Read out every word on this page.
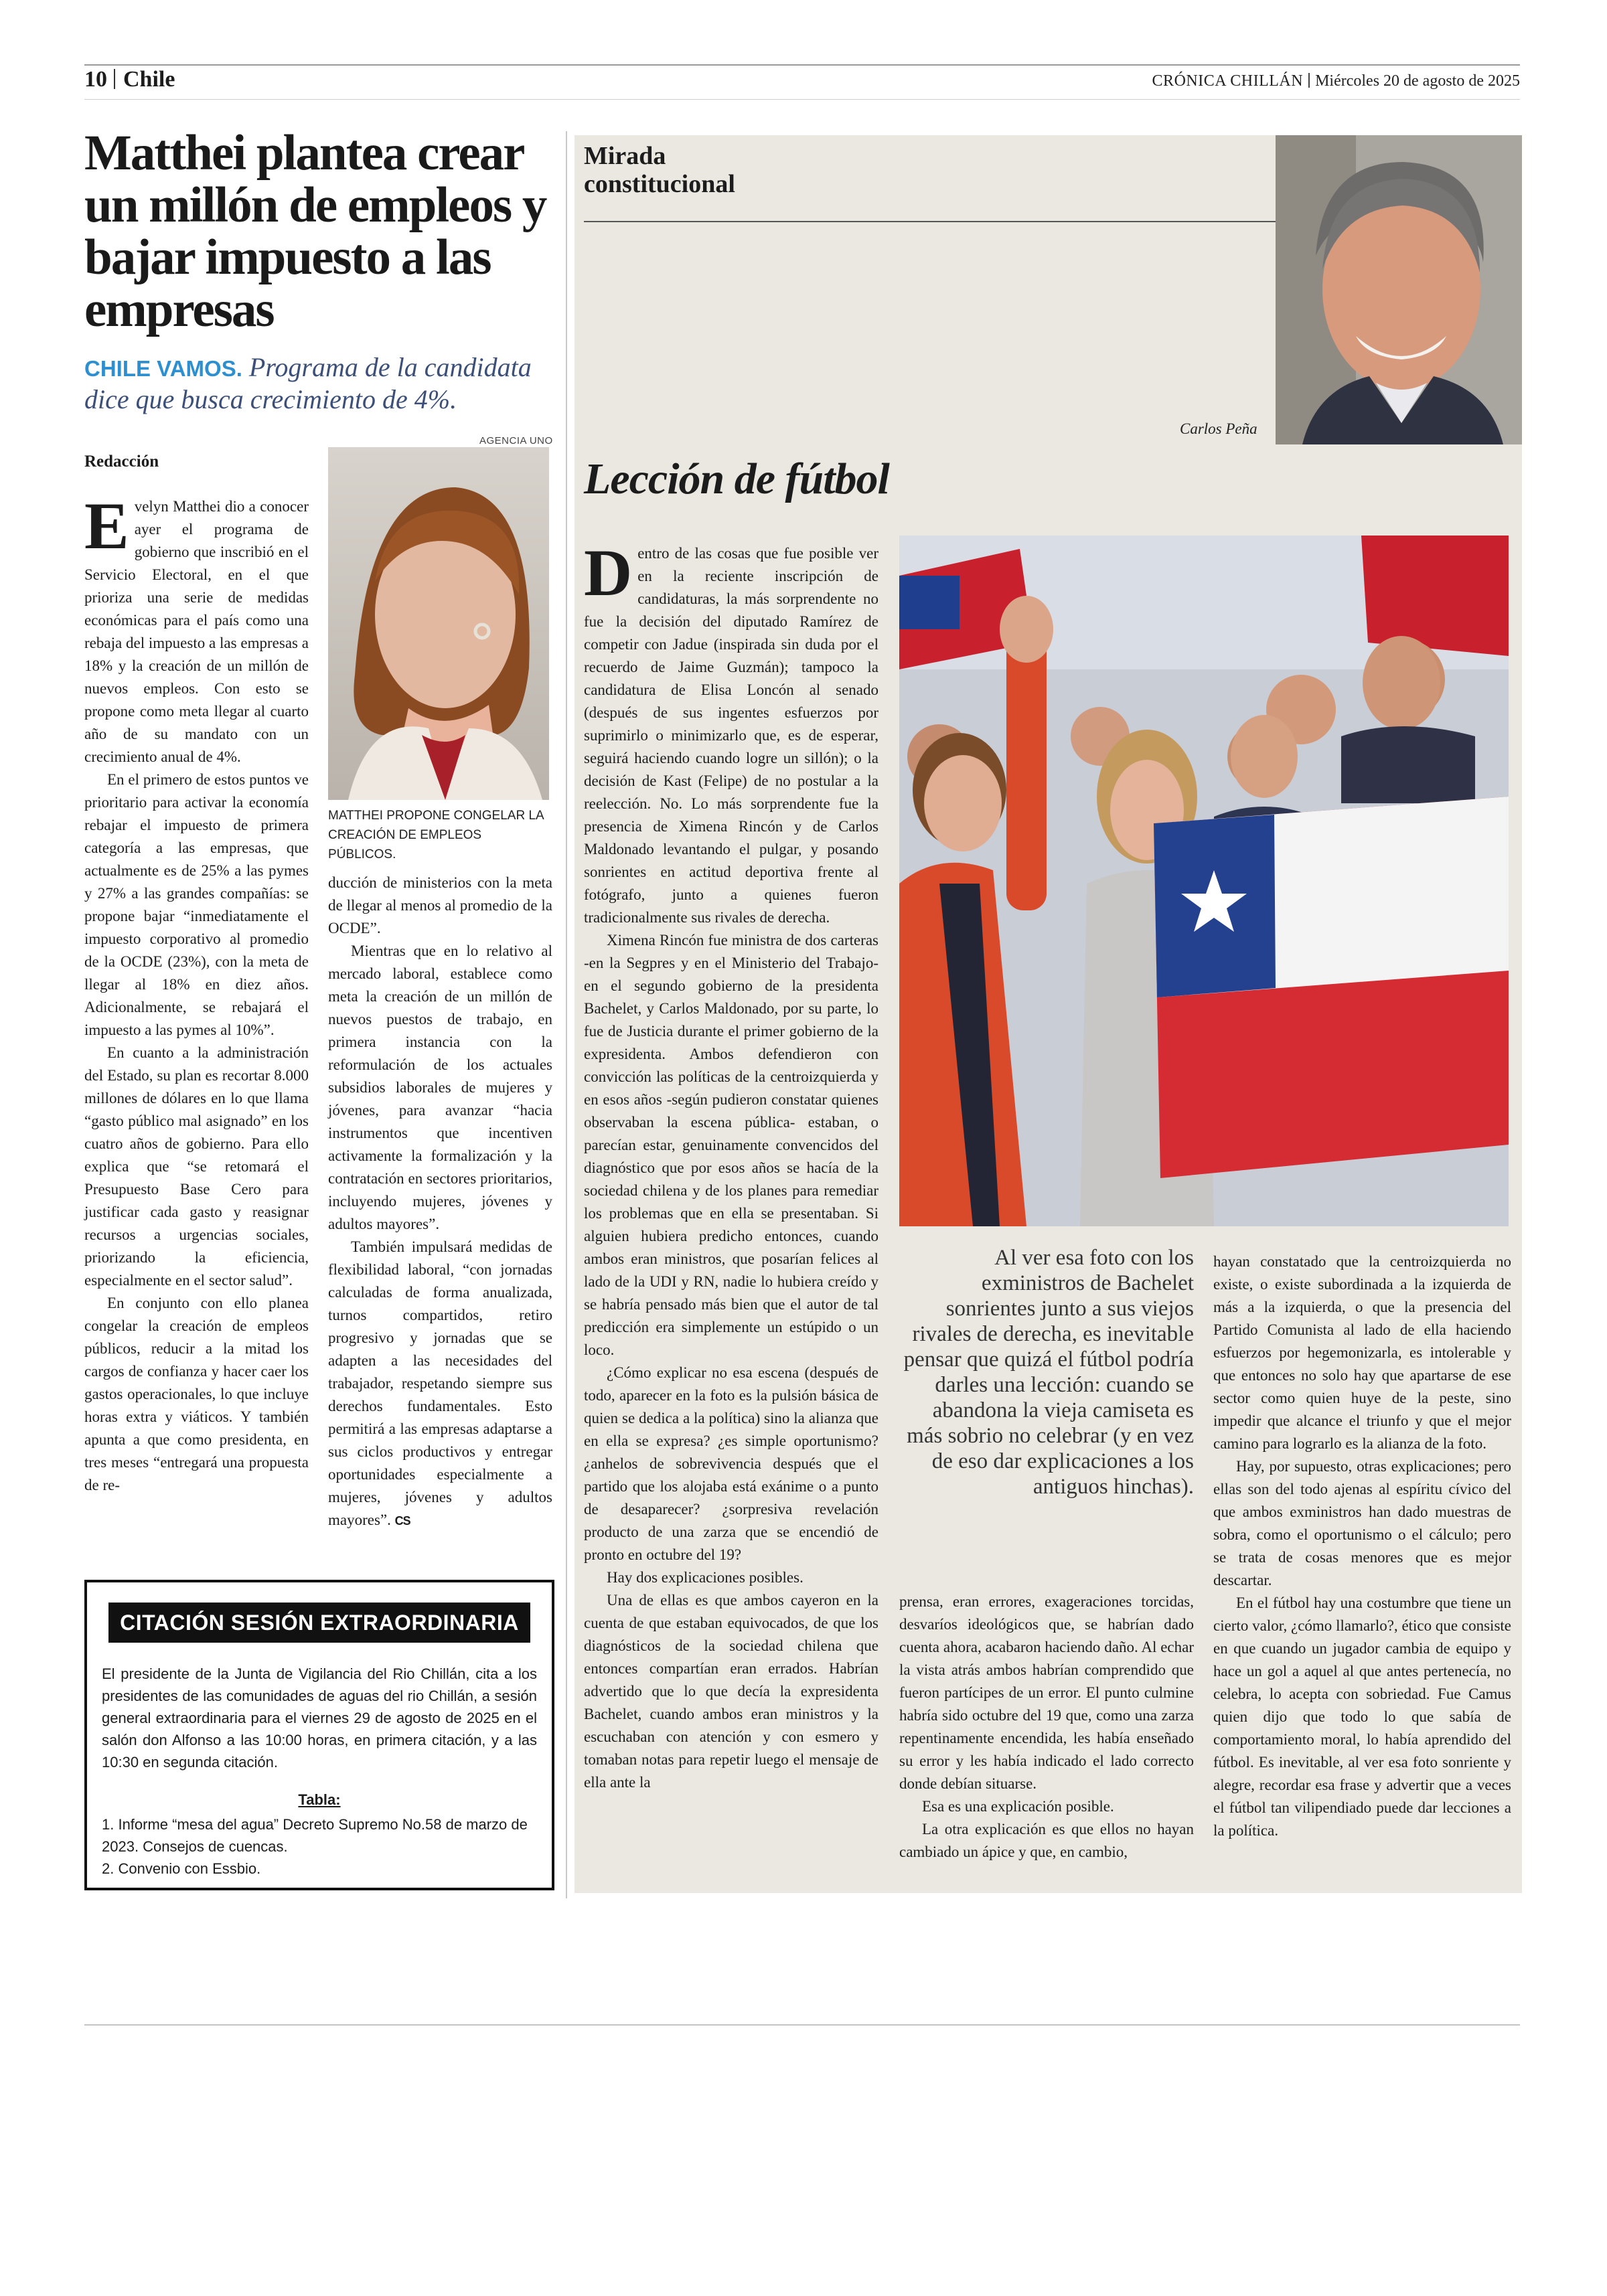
10 Chile	CRÓNICA CHILLÁN Miércoles 20 de agosto de 2025
Matthei plantea crear un millón de empleos y bajar impuesto a las empresas
CHILE VAMOS. Programa de la candidata dice que busca crecimiento de 4%.
Redacción
AGENCIA UNO
MATTHEI PROPONE CONGELAR LA CREACIÓN DE EMPLEOS PÚBLICOS.

Evelyn Matthei dio a conocer ayer el programa de gobierno que inscribió en el Servicio Electoral, en el que prioriza una serie de medidas económicas para el país como una rebaja del impuesto a las empresas a 18% y la creación de un millón de nuevos empleos. Con esto se propone como meta llegar al cuarto año de su mandato con un crecimiento anual de 4%.

En el primero de estos puntos ve prioritario para activar la economía rebajar el impuesto de primera categoría a las empresas, que actualmente es de 25% a las pymes y 27% a las grandes compañías: se propone bajar “inmediatamente el impuesto corporativo al promedio de la OCDE (23%), con la meta de llegar al 18% en diez años. Adicionalmente, se rebajará el impuesto a las pymes al 10%”.

En cuanto a la administración del Estado, su plan es recortar 8.000 millones de dólares en lo que llama “gasto público mal asignado” en los cuatro años de gobierno. Para ello explica que “se retomará el Presupuesto Base Cero para justificar cada gasto y reasignar recursos a urgencias sociales, priorizando la eficiencia, especialmente en el sector salud”.

En conjunto con ello planea congelar la creación de empleos públicos, reducir a la mitad los cargos de confianza y hacer caer los gastos operacionales, lo que incluye horas extra y viáticos. Y también apunta a que como presidenta, en tres meses “entregará una propuesta de re-

ducción de ministerios con la meta de llegar al menos al promedio de la OCDE”.

Mientras que en lo relativo al mercado laboral, establece como meta la creación de un millón de nuevos puestos de trabajo, en primera instancia con la reformulación de los actuales subsidios laborales de mujeres y jóvenes, para avanzar “hacia instrumentos que incentiven activamente la formalización y la contratación en sectores prioritarios, incluyendo mujeres, jóvenes y adultos mayores”.

También impulsará medidas de flexibilidad laboral, “con jornadas calculadas de forma anualizada, turnos compartidos, retiro progresivo y jornadas que se adapten a las necesidades del trabajador, respetando siempre sus derechos fundamentales. Esto permitirá a las empresas adaptarse a sus ciclos productivos y entregar oportunidades especialmente a mujeres, jóvenes y adultos mayores”. CS

CITACIÓN SESIÓN EXTRAORDINARIA
El presidente de la Junta de Vigilancia del Rio Chillán, cita a los presidentes de las comunidades de aguas del rio Chillán, a sesión general extraordinaria para el viernes 29 de agosto de 2025 en el salón don Alfonso a las 10:00 horas, en primera citación, y a las 10:30 en segunda citación.
Tabla:
1. Informe “mesa del agua” Decreto Supremo No.58 de marzo de 2023. Consejos de cuencas.
2. Convenio con Essbio.
Mirada constitucional
Carlos Peña
Lección de fútbol

Dentro de las cosas que fue posible ver en la reciente inscripción de candidaturas, la más sorprendente no fue la decisión del diputado Ramírez de competir con Jadue (inspirada sin duda por el recuerdo de Jaime Guzmán); tampoco la candidatura de Elisa Loncón al senado (después de sus ingentes esfuerzos por suprimirlo o minimizarlo que, es de esperar, seguirá haciendo cuando logre un sillón); o la decisión de Kast (Felipe) de no postular a la reelección. No. Lo más sorprendente fue la presencia de Ximena Rincón y de Carlos Maldonado levantando el pulgar, y posando sonrientes en actitud deportiva frente al fotógrafo, junto a quienes fueron tradicionalmente sus rivales de derecha.

Ximena Rincón fue ministra de dos carteras -en la Segpres y en el Ministerio del Trabajo- en el segundo gobierno de la presidenta Bachelet, y Carlos Maldonado, por su parte, lo fue de Justicia durante el primer gobierno de la expresidenta. Ambos defendieron con convicción las políticas de la centroizquierda y en esos años -según pudieron constatar quienes observaban la escena pública- estaban, o parecían estar, genuinamente convencidos del diagnóstico que por esos años se hacía de la sociedad chilena y de los planes para remediar los problemas que en ella se presentaban. Si alguien hubiera predicho entonces, cuando ambos eran ministros, que posarían felices al lado de la UDI y RN, nadie lo hubiera creído y se habría pensado más bien que el autor de tal predicción era simplemente un estúpido o un loco.

¿Cómo explicar no esa escena (después de todo, aparecer en la foto es la pulsión básica de quien se dedica a la política) sino la alianza que en ella se expresa? ¿es simple oportunismo? ¿anhelos de sobrevivencia después que el partido que los alojaba está exánime o a punto de desaparecer? ¿sorpresiva revelación producto de una zarza que se encendió de pronto en octubre del 19?

Hay dos explicaciones posibles.

Una de ellas es que ambos cayeron en la cuenta de que estaban equivocados, de que los diagnósticos de la sociedad chilena que entonces compartían eran errados. Habrían advertido que lo que decía la expresidenta Bachelet, cuando ambos eran ministros y la escuchaban con atención y con esmero y tomaban notas para repetir luego el mensaje de ella ante la

Al ver esa foto con los exministros de Bachelet sonrientes junto a sus viejos rivales de derecha, es inevitable pensar que quizá el fútbol podría darles una lección: cuando se abandona la vieja camiseta es más sobrio no celebrar (y en vez de eso dar explicaciones a los antiguos hinchas).

prensa, eran errores, exageraciones torcidas, desvaríos ideológicos que, se habrían dado cuenta ahora, acabaron haciendo daño. Al echar la vista atrás ambos habrían comprendido que fueron partícipes de un error. El punto culmine habría sido octubre del 19 que, como una zarza repentinamente encendida, les había enseñado su error y les había indicado el lado correcto donde debían situarse.

Esa es una explicación posible.

La otra explicación es que ellos no hayan cambiado un ápice y que, en cambio,

hayan constatado que la centroizquierda no existe, o existe subordinada a la izquierda de más a la izquierda, o que la presencia del Partido Comunista al lado de ella haciendo esfuerzos por hegemonizarla, es intolerable y que entonces no solo hay que apartarse de ese sector como quien huye de la peste, sino impedir que alcance el triunfo y que el mejor camino para lograrlo es la alianza de la foto.

Hay, por supuesto, otras explicaciones; pero ellas son del todo ajenas al espíritu cívico del que ambos exministros han dado muestras de sobra, como el oportunismo o el cálculo; pero se trata de cosas menores que es mejor descartar.

En el fútbol hay una costumbre que tiene un cierto valor, ¿cómo llamarlo?, ético que consiste en que cuando un jugador cambia de equipo y hace un gol a aquel al que antes pertenecía, no celebra, lo acepta con sobriedad. Fue Camus quien dijo que todo lo que sabía de comportamiento moral, lo había aprendido del fútbol. Es inevitable, al ver esa foto sonriente y alegre, recordar esa frase y advertir que a veces el fútbol tan vilipendiado puede dar lecciones a la política.
